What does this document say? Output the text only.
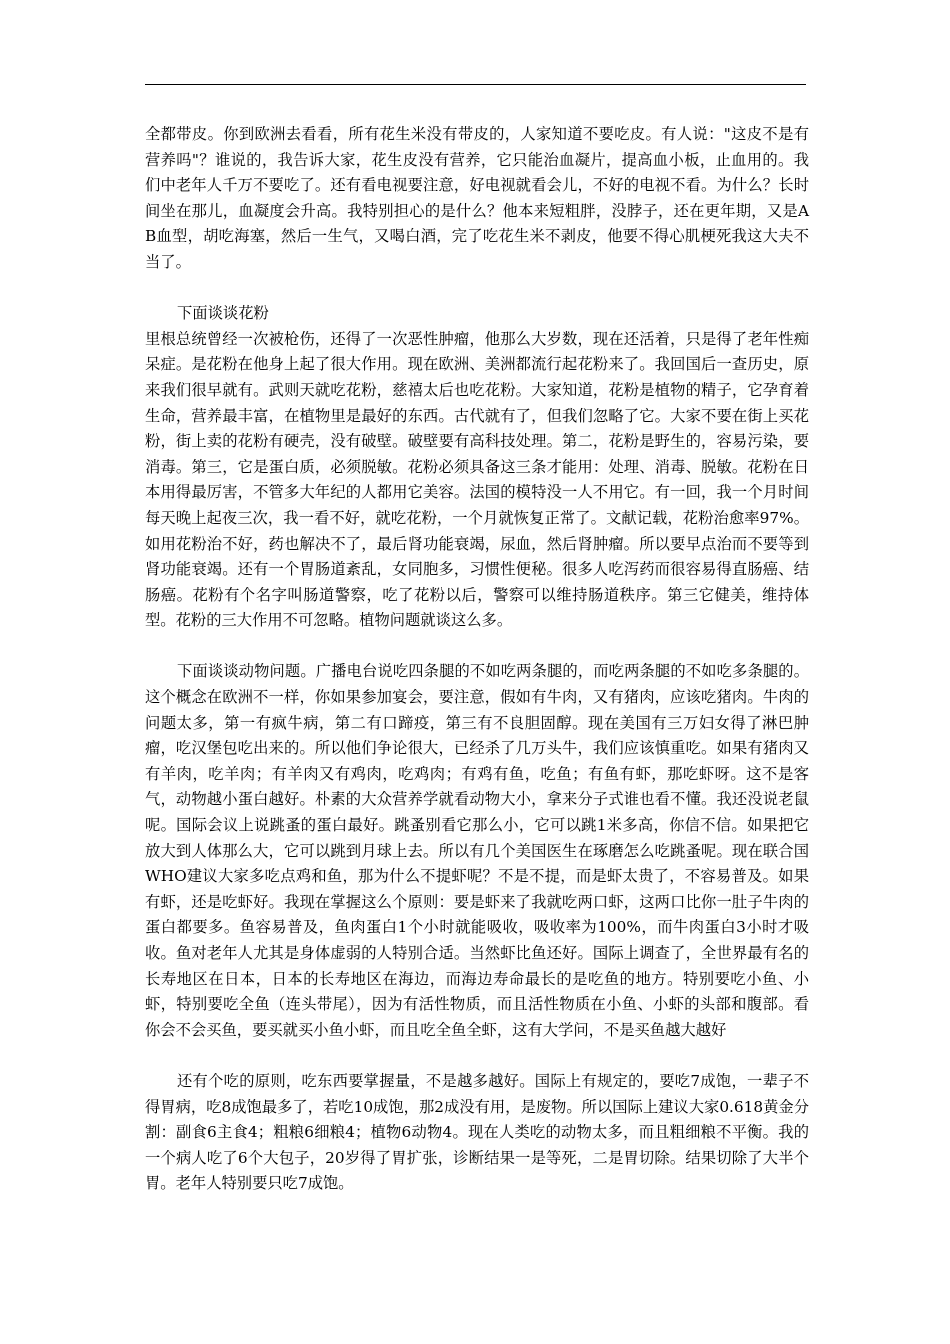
全都带皮。你到欧洲去看看，所有花生米没有带皮的，人家知道不要吃皮。有人说："这皮不是有营养吗"？谁说的，我告诉大家，花生皮没有营养，它只能治血凝片，提高血小板，止血用的。我们中老年人千万不要吃了。还有看电视要注意，好电视就看会儿，不好的电视不看。为什么？长时间坐在那儿，血凝度会升高。我特别担心的是什么？他本来短粗胖，没脖子，还在更年期，又是AB血型，胡吃海塞，然后一生气，又喝白酒，完了吃花生米不剥皮，他要不得心肌梗死我这大夫不当了。

下面谈谈花粉

里根总统曾经一次被枪伤，还得了一次恶性肿瘤，他那么大岁数，现在还活着，只是得了老年性痴呆症。是花粉在他身上起了很大作用。现在欧洲、美洲都流行起花粉来了。我回国后一查历史，原来我们很早就有。武则天就吃花粉，慈禧太后也吃花粉。大家知道，花粉是植物的精子，它孕育着生命，营养最丰富，在植物里是最好的东西。古代就有了，但我们忽略了它。大家不要在街上买花粉，街上卖的花粉有硬壳，没有破壁。破壁要有高科技处理。第二，花粉是野生的，容易污染，要消毒。第三，它是蛋白质，必须脱敏。花粉必须具备这三条才能用：处理、消毒、脱敏。花粉在日本用得最厉害，不管多大年纪的人都用它美容。法国的模特没一人不用它。有一回，我一个月时间每天晚上起夜三次，我一看不好，就吃花粉，一个月就恢复正常了。文献记载，花粉治愈率97%。如用花粉治不好，药也解决不了，最后肾功能衰竭，尿血，然后肾肿瘤。所以要早点治而不要等到肾功能衰竭。还有一个胃肠道紊乱，女同胞多，习惯性便秘。很多人吃泻药而很容易得直肠癌、结肠癌。花粉有个名字叫肠道警察，吃了花粉以后，警察可以维持肠道秩序。第三它健美，维持体型。花粉的三大作用不可忽略。植物问题就谈这么多。

下面谈谈动物问题。广播电台说吃四条腿的不如吃两条腿的，而吃两条腿的不如吃多条腿的。这个概念在欧洲不一样，你如果参加宴会，要注意，假如有牛肉，又有猪肉，应该吃猪肉。牛肉的问题太多，第一有疯牛病，第二有口蹄疫，第三有不良胆固醇。现在美国有三万妇女得了淋巴肿瘤，吃汉堡包吃出来的。所以他们争论很大，已经杀了几万头牛，我们应该慎重吃。如果有猪肉又有羊肉，吃羊肉；有羊肉又有鸡肉，吃鸡肉；有鸡有鱼，吃鱼；有鱼有虾，那吃虾呀。这不是客气，动物越小蛋白越好。朴素的大众营养学就看动物大小，拿来分子式谁也看不懂。我还没说老鼠呢。国际会议上说跳蚤的蛋白最好。跳蚤别看它那么小，它可以跳1米多高，你信不信。如果把它放大到人体那么大，它可以跳到月球上去。所以有几个美国医生在琢磨怎么吃跳蚤呢。现在联合国WHO建议大家多吃点鸡和鱼，那为什么不提虾呢？不是不提，而是虾太贵了，不容易普及。如果有虾，还是吃虾好。我现在掌握这么个原则：要是虾来了我就吃两口虾，这两口比你一肚子牛肉的蛋白都要多。鱼容易普及，鱼肉蛋白1个小时就能吸收，吸收率为100%，而牛肉蛋白3小时才吸收。鱼对老年人尤其是身体虚弱的人特别合适。当然虾比鱼还好。国际上调查了，全世界最有名的长寿地区在日本，日本的长寿地区在海边，而海边寿命最长的是吃鱼的地方。特别要吃小鱼、小虾，特别要吃全鱼（连头带尾），因为有活性物质，而且活性物质在小鱼、小虾的头部和腹部。看你会不会买鱼，要买就买小鱼小虾，而且吃全鱼全虾，这有大学问，不是买鱼越大越好

还有个吃的原则，吃东西要掌握量，不是越多越好。国际上有规定的，要吃7成饱，一辈子不得胃病，吃8成饱最多了，若吃10成饱，那2成没有用，是废物。所以国际上建议大家0.618黄金分割：副食6主食4；粗粮6细粮4；植物6动物4。现在人类吃的动物太多，而且粗细粮不平衡。我的一个病人吃了6个大包子，20岁得了胃扩张，诊断结果一是等死，二是胃切除。结果切除了大半个胃。老年人特别要只吃7成饱。
